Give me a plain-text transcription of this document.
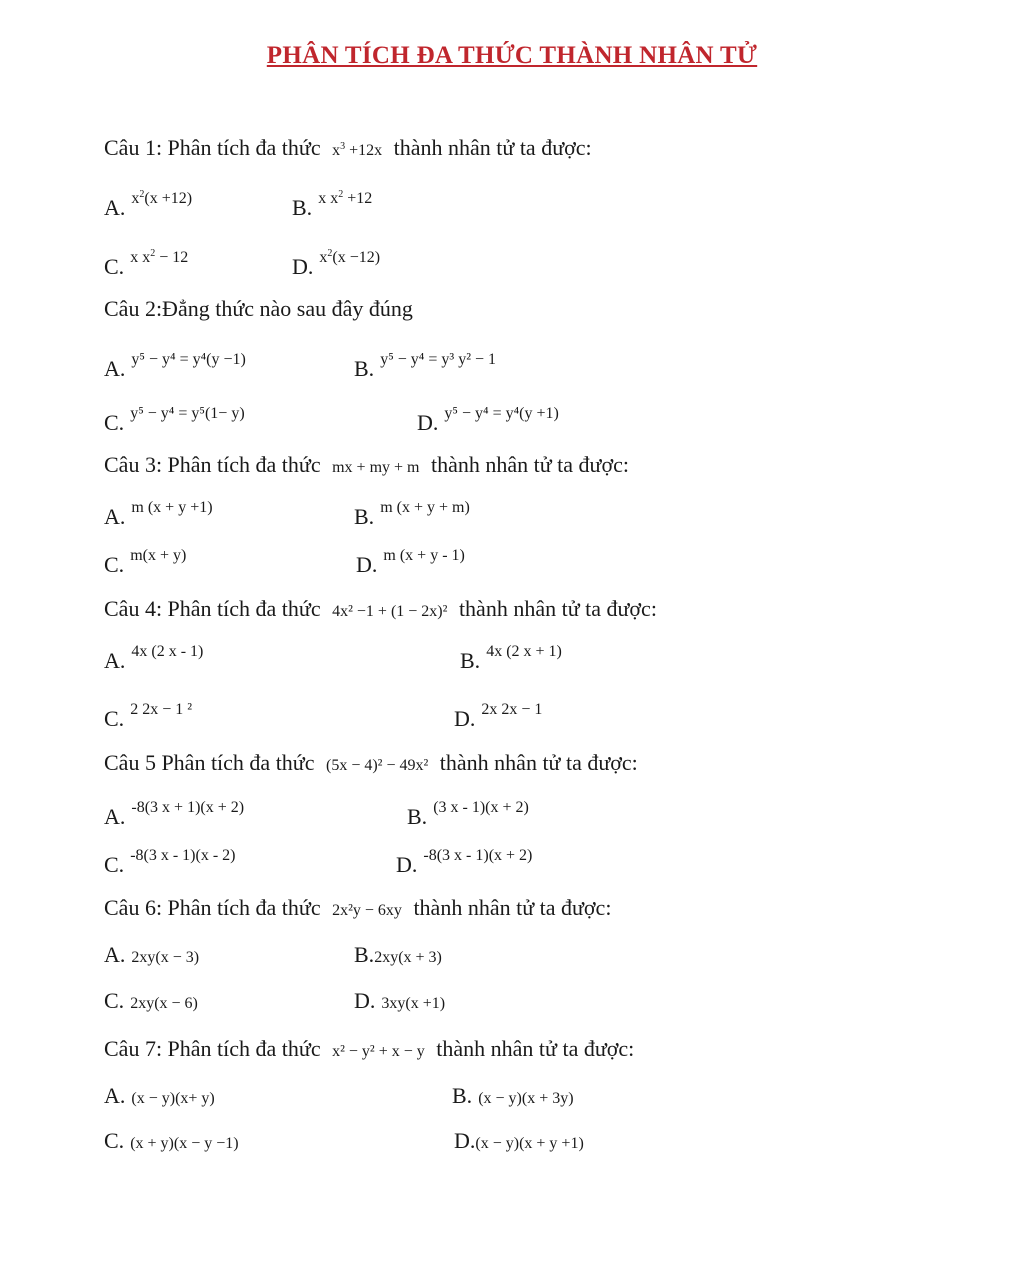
PHÂN TÍCH ĐA THỨC THÀNH NHÂN TỬ
Câu 1: Phân tích đa thức $x^3 +12x$ thành nhân tử ta được:
A. $^{x^2(x +12)}$	B. $^{x x^2 +12}$
C. $^{x x^2 - 12}$	D. $^{x^2(x -12)}$
Câu 2:Đẳng thức nào sau đây đúng
A. $^{y^5 - y^4 = y^4(y -1)}$	B. $^{y^5 - y^4 = y^3 y^2 - 1}$
C. $^{y^5 - y^4 = y^5(1- y)}$	D. $^{y^5 - y^4 = y^4(y +1)}$
Câu 3: Phân tích đa thức mx + my + m thành nhân tử ta được:
A. $^{m (x + y +1)}$	B. $^{m (x + y + m)}$
C. $^{m(x + y)}$	D. $^{m (x + y - 1)}$
Câu 4: Phân tích đa thức 4x² −1 + (1 − 2x)² thành nhân tử ta được:
A. $^{4x (2 x - 1)}$	B. $^{4x (2 x + 1)}$
C. $^{2 2x - 1 ^2}$	D. $^{2x 2x - 1}$
Câu 5 Phân tích đa thức (5x − 4)² − 49x² thành nhân tử ta được:
A. $^{-8(3 x + 1)(x + 2)}$	B. $^{(3 x - 1)(x + 2)}$
C. $^{-8(3 x - 1)(x - 2)}$	D. $^{-8(3 x - 1)(x + 2)}$
Câu 6: Phân tích đa thức 2x²y − 6xy thành nhân tử ta được:
A. 2xy(x − 3)	B.2xy(x + 3)
C. 2xy(x − 6)	D. 3xy(x +1)
Câu 7: Phân tích đa thức x² − y² + x − y thành nhân tử ta được:
A. (x − y)(x+ y)	B. (x − y)(x + 3y)
C. (x + y)(x − y −1)	D.(x − y)(x + y +1)
